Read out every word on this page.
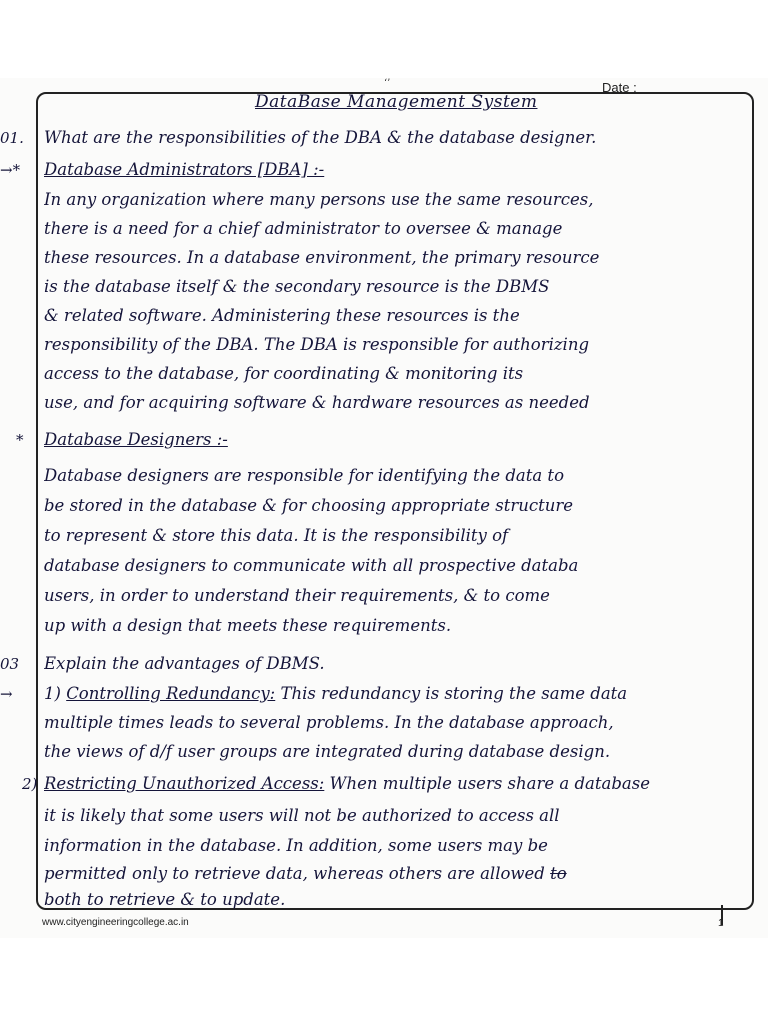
‘’	Date :
DataBase Management System
01. What are the responsibilities of the DBA & the database designer.
→* Database Administrators [DBA] :-
In any organization where many persons use the same resources,
there is a need for a chief administrator to oversee & manage
these resources. In a database environment, the primary resource
is the database itself & the secondary resource is the DBMS
& related software. Administering these resources is the
responsibility of the DBA. The DBA is responsible for authorizing
access to the database, for coordinating & monitoring its
use, and for acquiring software & hardware resources as needed
* Database Designers :-
Database designers are responsible for identifying the data to
be stored in the database & for choosing appropriate structure
to represent & store this data. It is the responsibility of
database designers to communicate with all prospective databa
users, in order to understand their requirements, & to come
up with a design that meets these requirements.
03 Explain the advantages of DBMS.
→ 1) Controlling Redundancy: This redundancy is storing the same data
multiple times leads to several problems. In the database approach,
the views of d/f user groups are integrated during database design.
2) Restricting Unauthorized Access: When multiple users share a database
it is likely that some users will not be authorized to access all
information in the database. In addition, some users may be
permitted only to retrieve data, whereas others are allowed to
both to retrieve & to update.
www.cityengineeringcollege.ac.in	1
